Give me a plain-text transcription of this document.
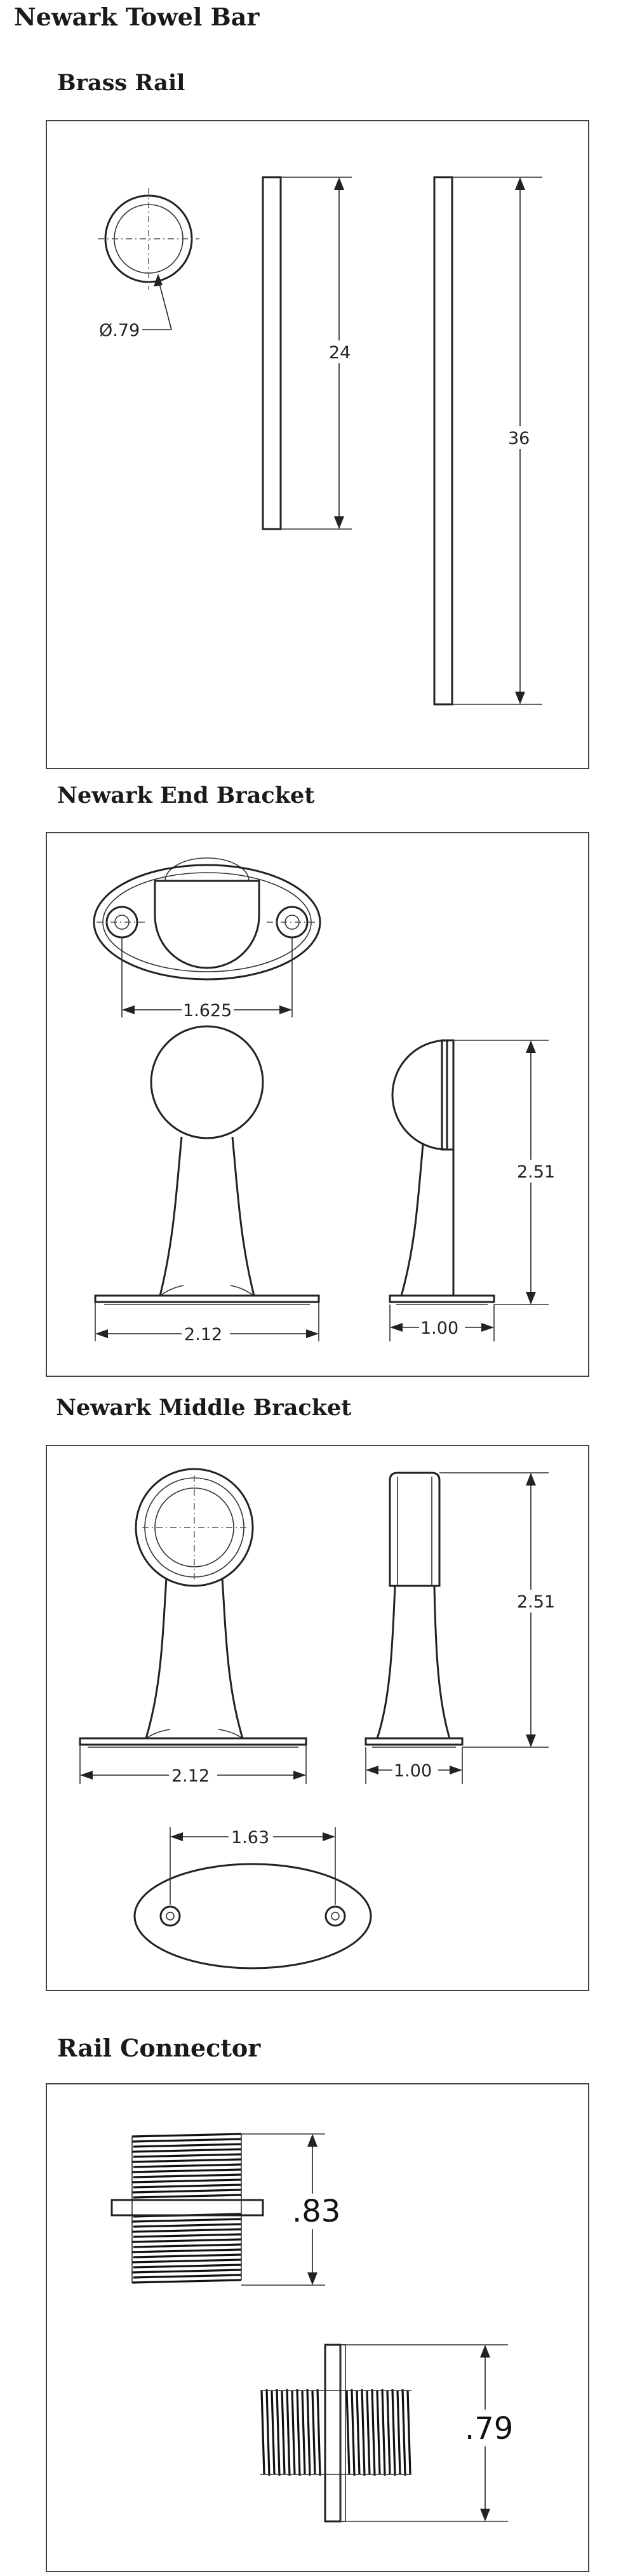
Newark Towel Bar
Brass Rail
Ø.79
24
36
Newark End Bracket
1.625
2.12
2.51
1.00
Newark Middle Bracket
2.12
2.51
1.00
1.63
Rail Connector
.83
.79
